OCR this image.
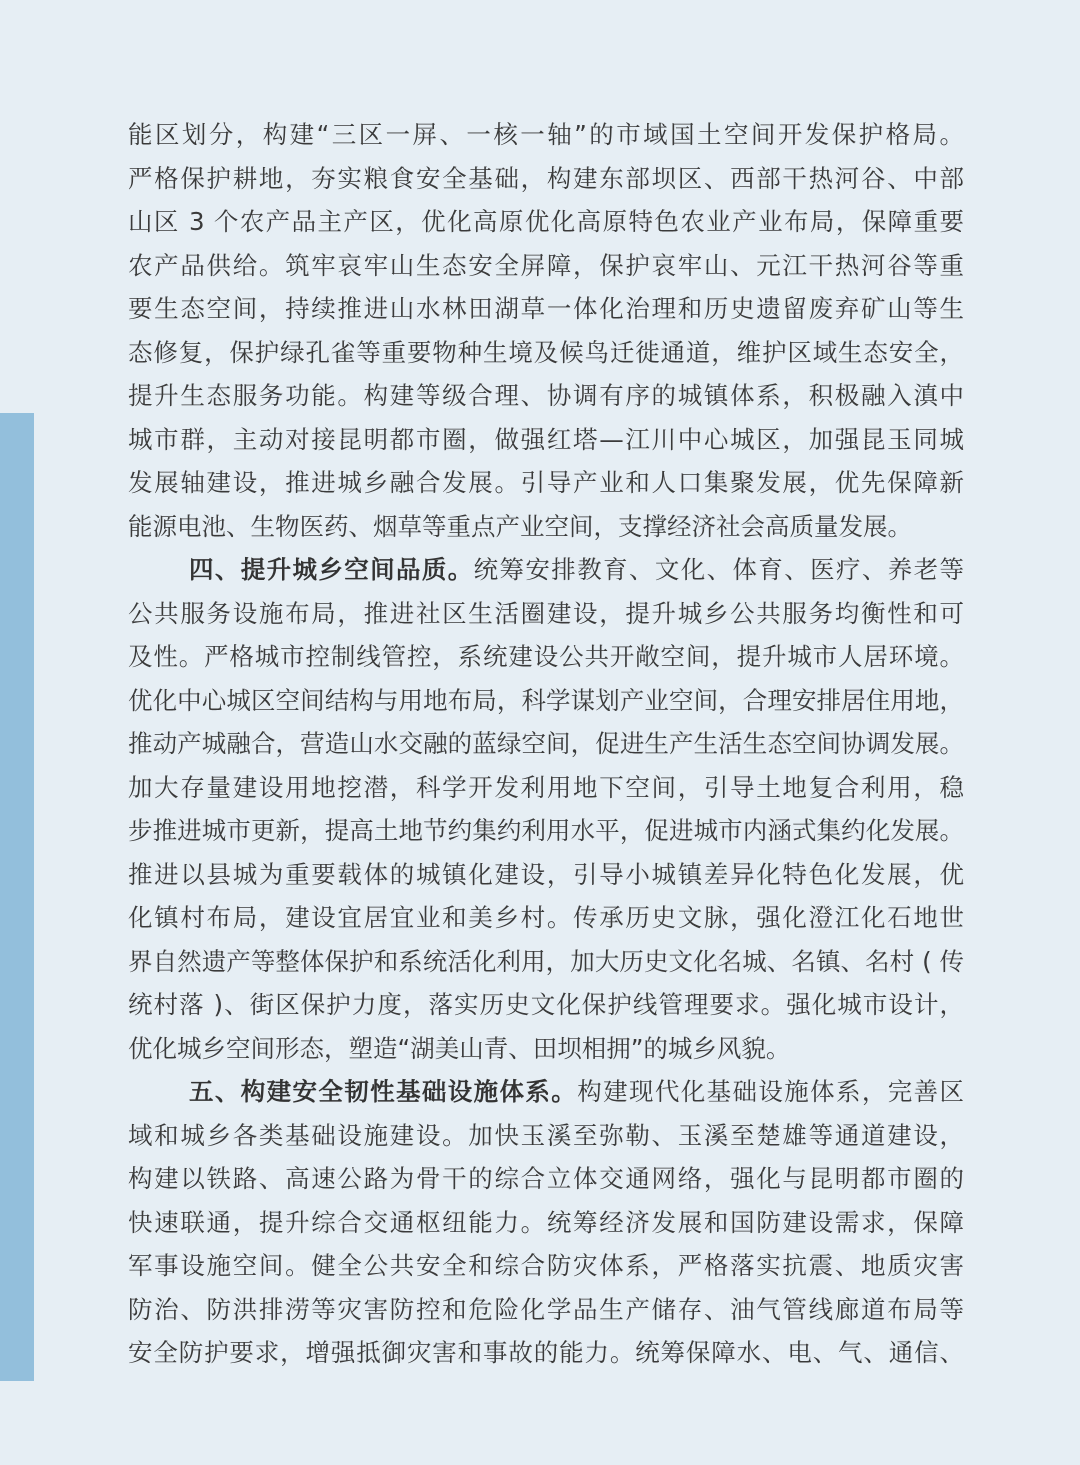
能区划分，构建“三区一屏、一核一轴”的市域国土空间开发保护格局。
严格保护耕地，夯实粮食安全基础，构建东部坝区、西部干热河谷、中部
山区 3 个农产品主产区，优化高原优化高原特色农业产业布局，保障重要
农产品供给。筑牢哀牢山生态安全屏障，保护哀牢山、元江干热河谷等重
要生态空间，持续推进山水林田湖草一体化治理和历史遗留废弃矿山等生
态修复，保护绿孔雀等重要物种生境及候鸟迁徙通道，维护区域生态安全，
提升生态服务功能。构建等级合理、协调有序的城镇体系，积极融入滇中
城市群，主动对接昆明都市圈，做强红塔—江川中心城区，加强昆玉同城
发展轴建设，推进城乡融合发展。引导产业和人口集聚发展，优先保障新
能源电池、生物医药、烟草等重点产业空间，支撑经济社会高质量发展。
四、提升城乡空间品质。统筹安排教育、文化、体育、医疗、养老等
公共服务设施布局，推进社区生活圈建设，提升城乡公共服务均衡性和可
及性。严格城市控制线管控，系统建设公共开敞空间，提升城市人居环境。
优化中心城区空间结构与用地布局，科学谋划产业空间，合理安排居住用地，
推动产城融合，营造山水交融的蓝绿空间，促进生产生活生态空间协调发展。
加大存量建设用地挖潜，科学开发利用地下空间，引导土地复合利用，稳
步推进城市更新，提高土地节约集约利用水平，促进城市内涵式集约化发展。
推进以县城为重要载体的城镇化建设，引导小城镇差异化特色化发展，优
化镇村布局，建设宜居宜业和美乡村。传承历史文脉，强化澄江化石地世
界自然遗产等整体保护和系统活化利用，加大历史文化名城、名镇、名村 ( 传
统村落 )、街区保护力度，落实历史文化保护线管理要求。强化城市设计，
优化城乡空间形态，塑造“湖美山青、田坝相拥”的城乡风貌。
五、构建安全韧性基础设施体系。构建现代化基础设施体系，完善区
域和城乡各类基础设施建设。加快玉溪至弥勒、玉溪至楚雄等通道建设，
构建以铁路、高速公路为骨干的综合立体交通网络，强化与昆明都市圈的
快速联通，提升综合交通枢纽能力。统筹经济发展和国防建设需求，保障
军事设施空间。健全公共安全和综合防灾体系，严格落实抗震、地质灾害
防治、防洪排涝等灾害防控和危险化学品生产储存、油气管线廊道布局等
安全防护要求，增强抵御灾害和事故的能力。统筹保障水、电、气、通信、
